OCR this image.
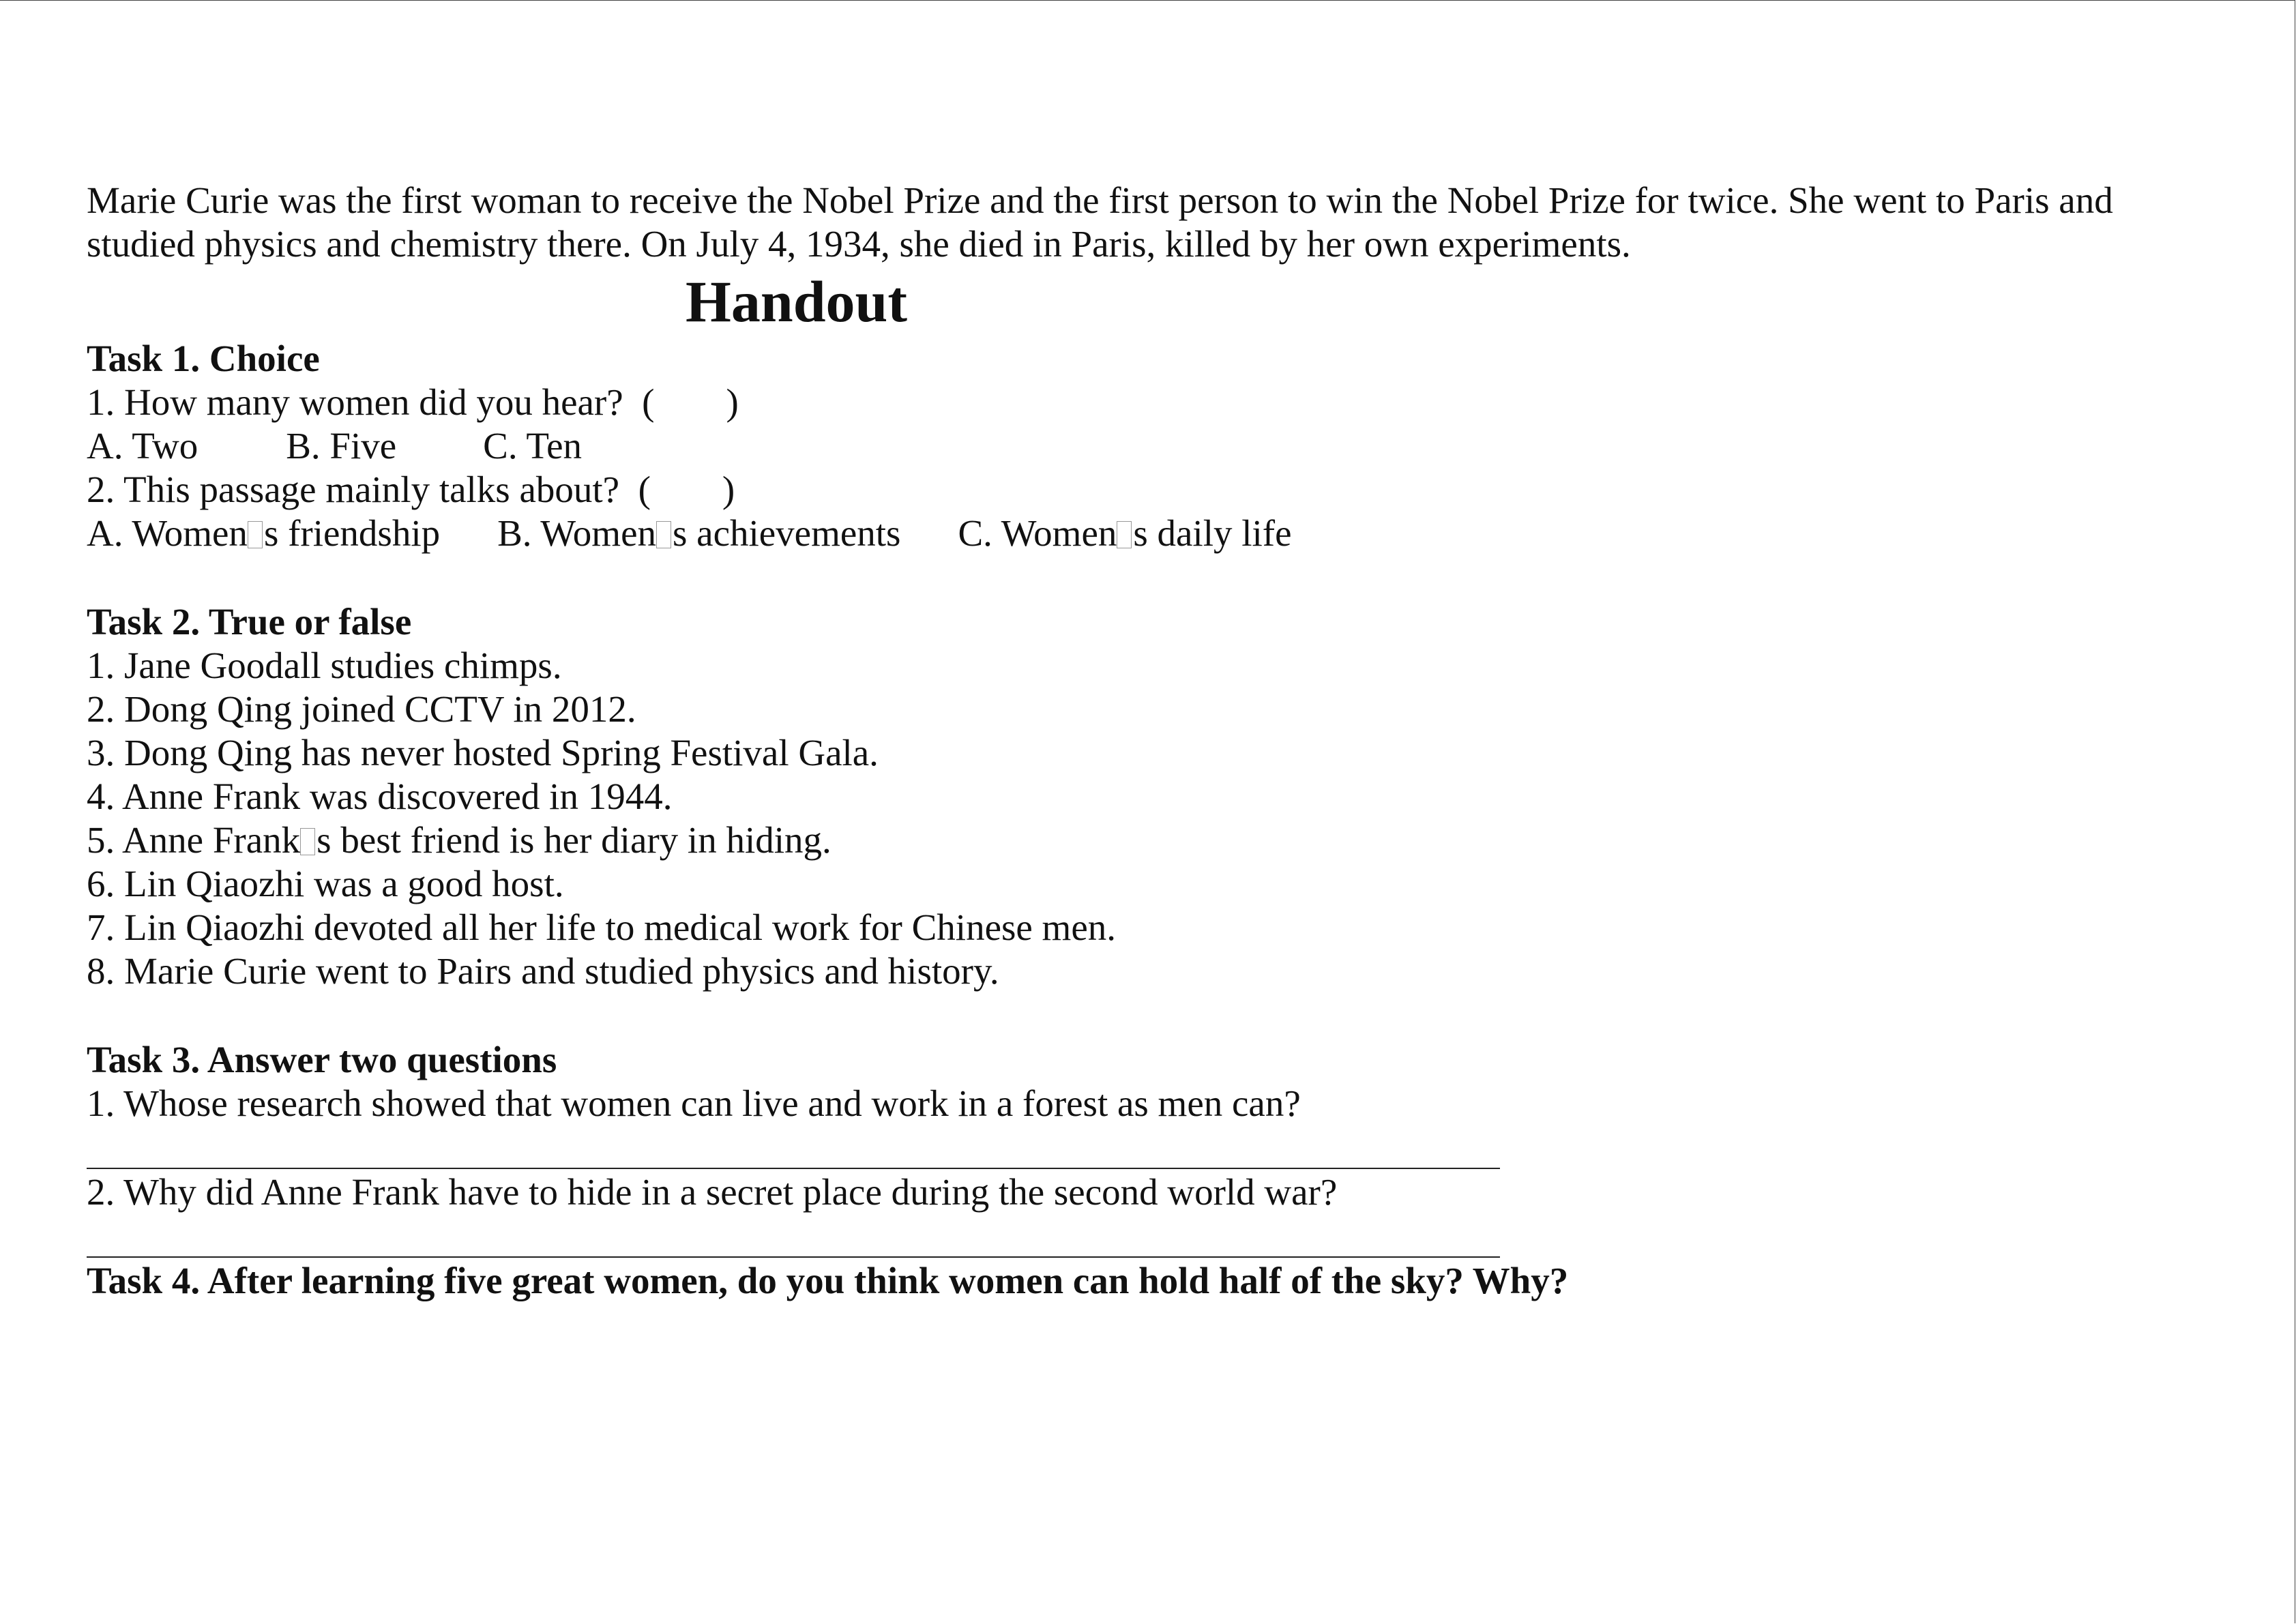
Marie Curie was the first woman to receive the Nobel Prize and the first person to win the Nobel Prize for twice. She went to Paris and

studied physics and chemistry there. On July 4, 1934, she died in Paris, killed by her own experiments.

Handout

Task 1. Choice

1. How many women did you hear?  ( )

A. Two B. Five C. Ten

2. This passage mainly talks about?  ( )

A. Women s friendship B. Women s achievements C. Women s daily life

Task 2. True or false

1. Jane Goodall studies chimps.

2. Dong Qing joined CCTV in 2012.

3. Dong Qing has never hosted Spring Festival Gala.

4. Anne Frank was discovered in 1944.

5. Anne Frank s best friend is her diary in hiding.

6. Lin Qiaozhi was a good host.

7. Lin Qiaozhi devoted all her life to medical work for Chinese men.

8. Marie Curie went to Pairs and studied physics and history.

Task 3. Answer two questions

1. Whose research showed that women can live and work in a forest as men can?

2. Why did Anne Frank have to hide in a secret place during the second world war?

Task 4. After learning five great women, do you think women can hold half of the sky? Why?
